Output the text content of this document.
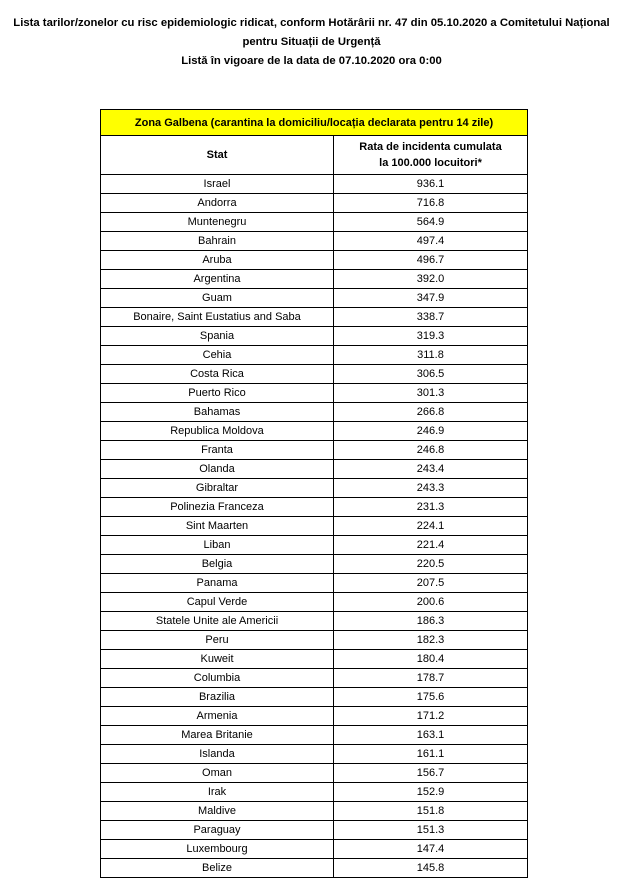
Lista tarilor/zonelor cu risc epidemiologic ridicat, conform Hotărârii nr. 47 din 05.10.2020 a Comitetului Național
pentru Situații de Urgență
Listă în vigoare de la data de 07.10.2020 ora 0:00
Zona Galbena (carantina la domiciliu/locația declarata pentru 14 zile)	
Stat	Rata de incidenta cumulata la 100.000 locuitori*
Israel	936.1
Andorra	716.8
Muntenegru	564.9
Bahrain	497.4
Aruba	496.7
Argentina	392.0
Guam	347.9
Bonaire, Saint Eustatius and Saba	338.7
Spania	319.3
Cehia	311.8
Costa Rica	306.5
Puerto Rico	301.3
Bahamas	266.8
Republica Moldova	246.9
Franta	246.8
Olanda	243.4
Gibraltar	243.3
Polinezia Franceza	231.3
Sint Maarten	224.1
Liban	221.4
Belgia	220.5
Panama	207.5
Capul Verde	200.6
Statele Unite ale Americii	186.3
Peru	182.3
Kuweit	180.4
Columbia	178.7
Brazilia	175.6
Armenia	171.2
Marea Britanie	163.1
Islanda	161.1
Oman	156.7
Irak	152.9
Maldive	151.8
Paraguay	151.3
Luxembourg	147.4
Belize	145.8
